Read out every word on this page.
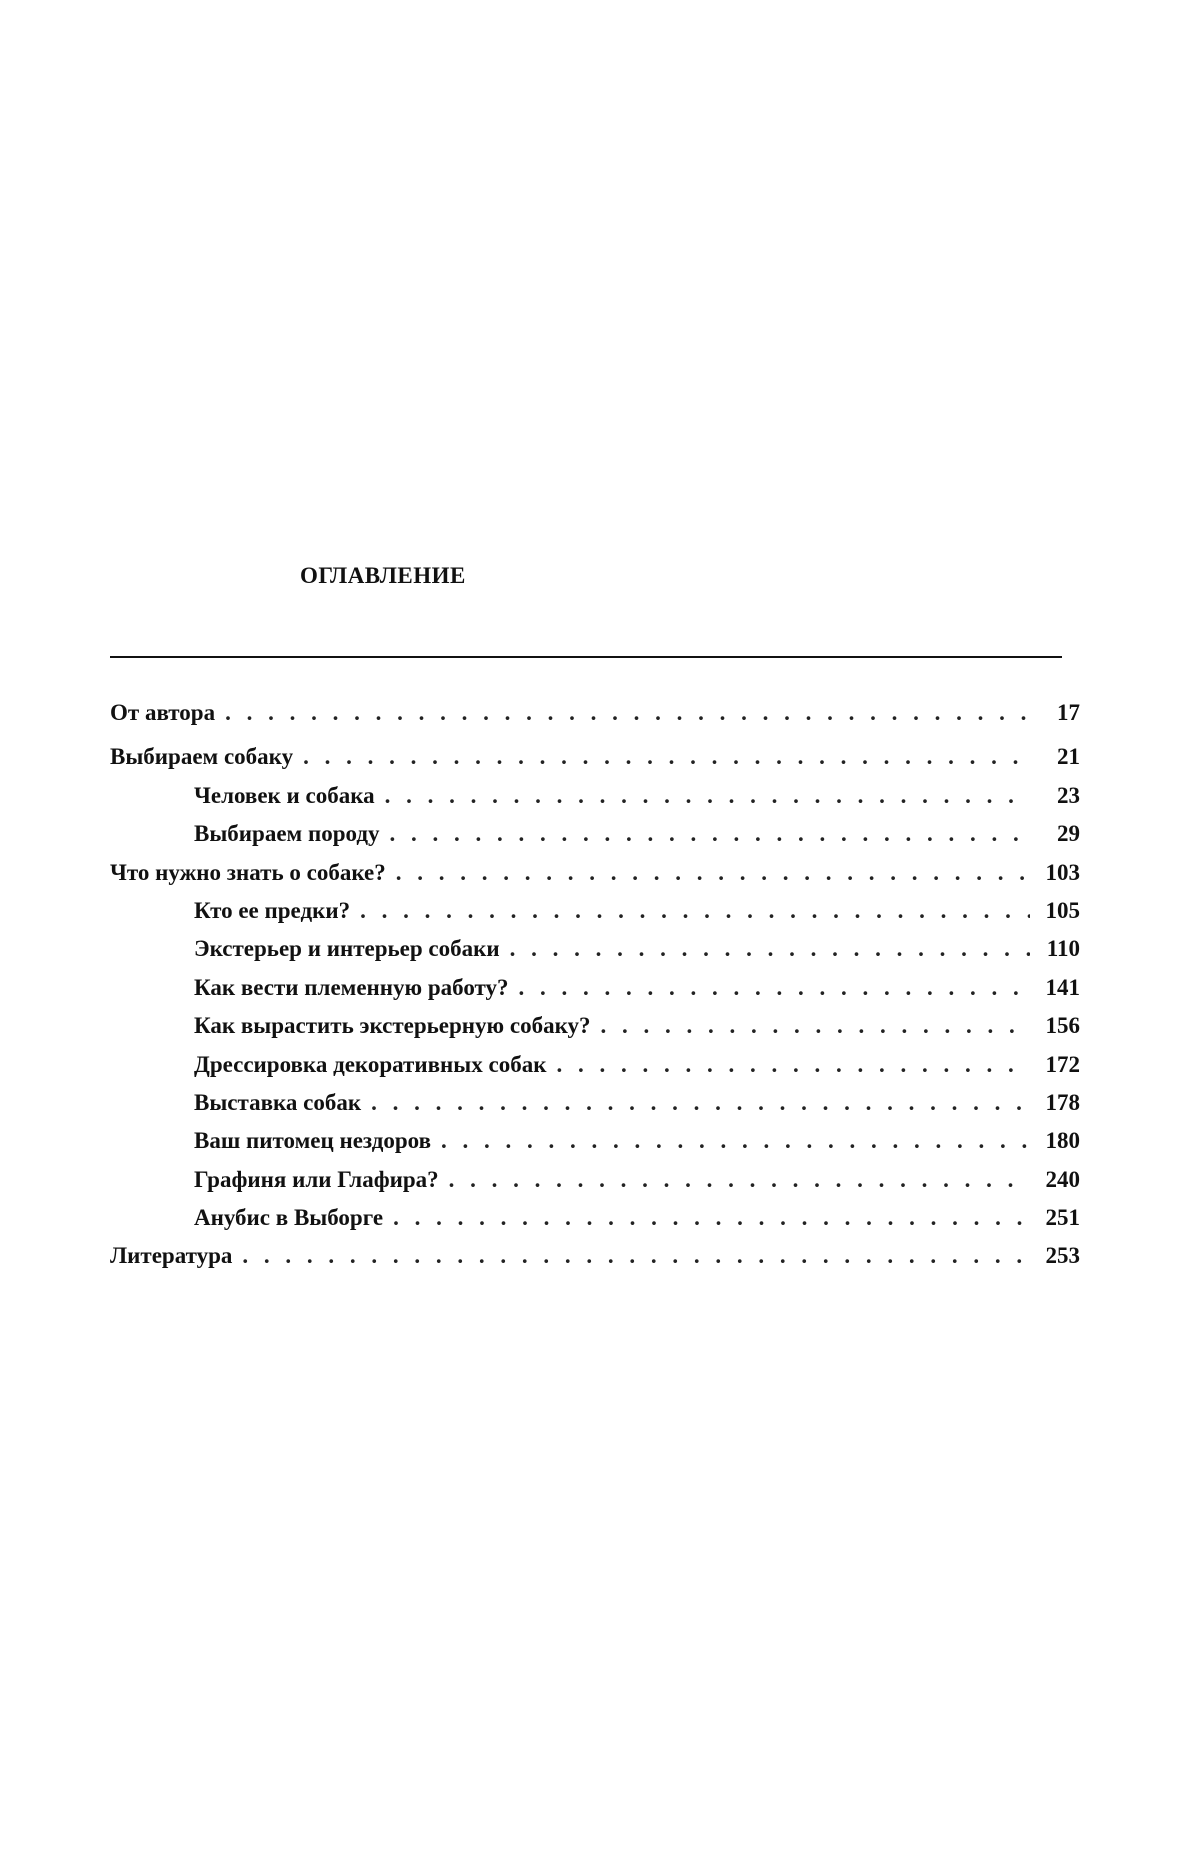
ОГЛАВЛЕНИЕ
От автора . . .	17
Выбираем собаку . . .	21
Человек и собака . . .	23
Выбираем породу . . .	29
Что нужно знать о собаке? . . .	103
Кто ее предки? . . .	105
Экстерьер и интерьер собаки . . .	110
Как вести племенную работу? . . .	141
Как вырастить экстерьерную собаку? . . .	156
Дрессировка декоративных собак . . .	172
Выставка собак . . .	178
Ваш питомец нездоров . . .	180
Графиня или Глафира? . . .	240
Анубис в Выборге . . .	251
Литература . . .	253
